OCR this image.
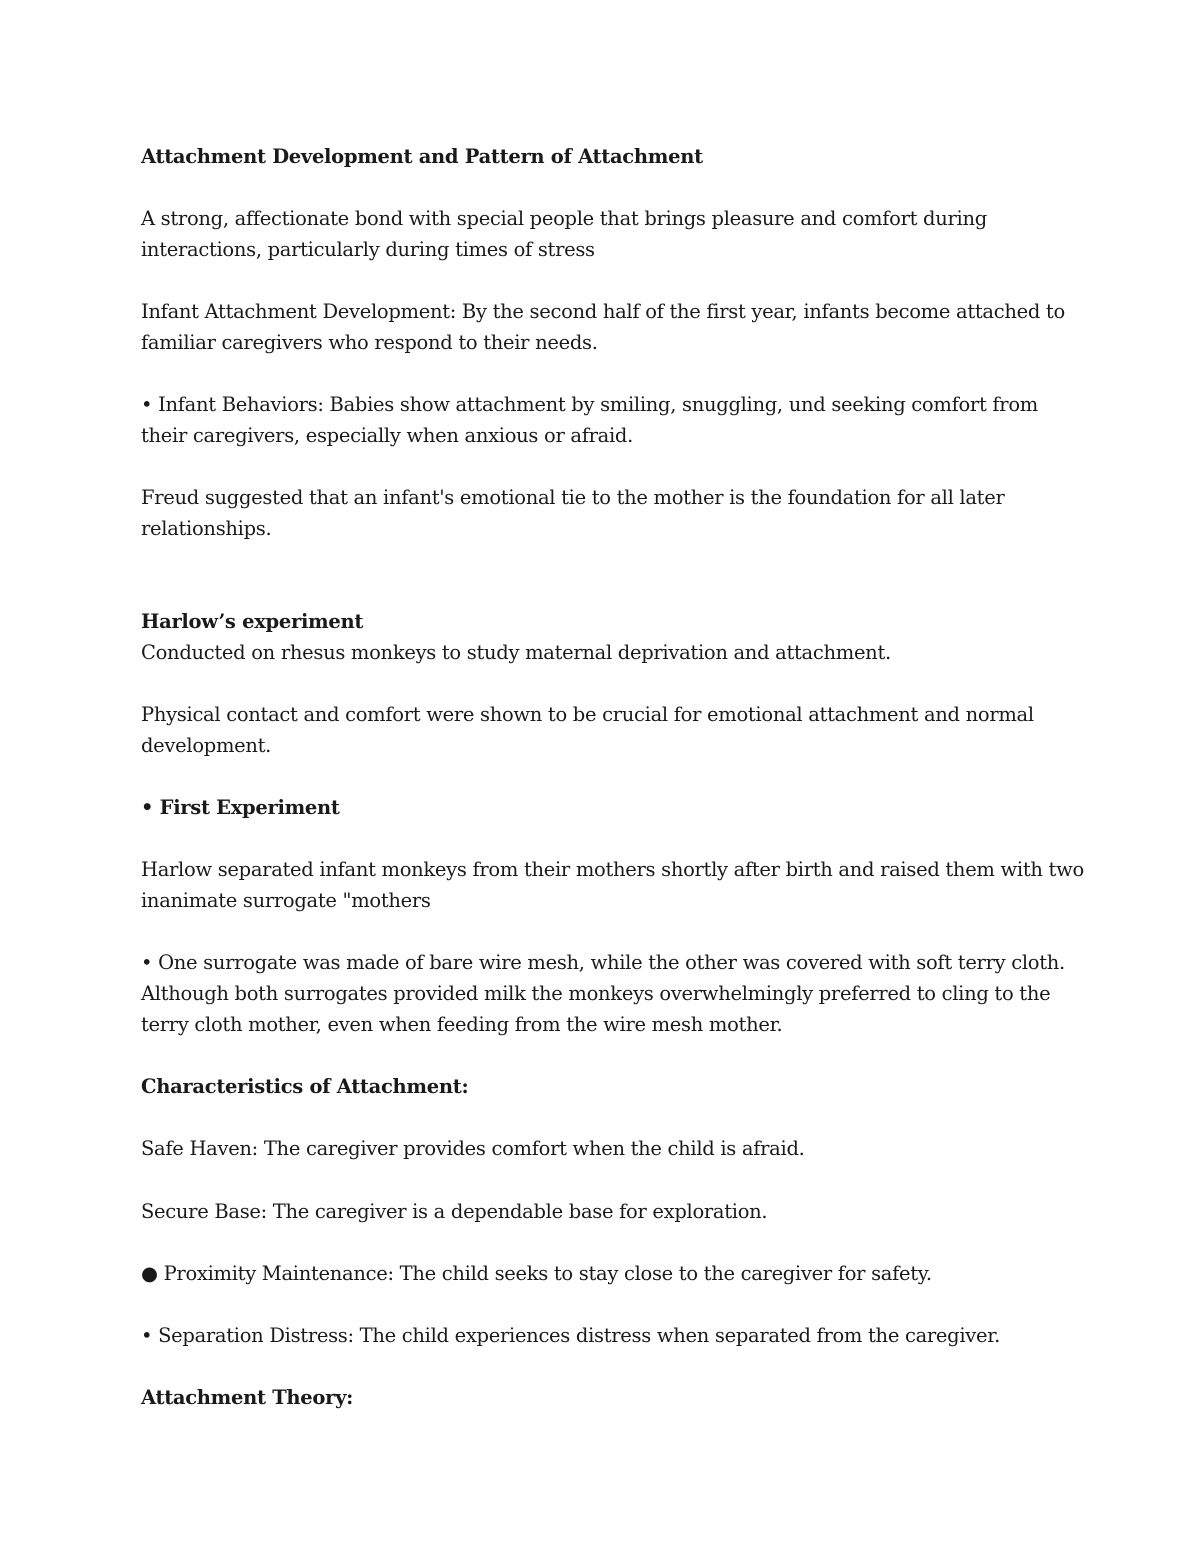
Attachment Development and Pattern of Attachment
A strong, affectionate bond with special people that brings pleasure and comfort during
interactions, particularly during times of stress
Infant Attachment Development: By the second half of the first year, infants become attached to
familiar caregivers who respond to their needs.
• Infant Behaviors: Babies show attachment by smiling, snuggling, und seeking comfort from
their caregivers, especially when anxious or afraid.
Freud suggested that an infant's emotional tie to the mother is the foundation for all later
relationships.
Harlow’s experiment
Conducted on rhesus monkeys to study maternal deprivation and attachment.
Physical contact and comfort were shown to be crucial for emotional attachment and normal
development.
• First Experiment
Harlow separated infant monkeys from their mothers shortly after birth and raised them with two
inanimate surrogate "mothers
• One surrogate was made of bare wire mesh, while the other was covered with soft terry cloth.
Although both surrogates provided milk the monkeys overwhelmingly preferred to cling to the
terry cloth mother, even when feeding from the wire mesh mother.
Characteristics of Attachment:
Safe Haven: The caregiver provides comfort when the child is afraid.
Secure Base: The caregiver is a dependable base for exploration.
● Proximity Maintenance: The child seeks to stay close to the caregiver for safety.
• Separation Distress: The child experiences distress when separated from the caregiver.
Attachment Theory:
